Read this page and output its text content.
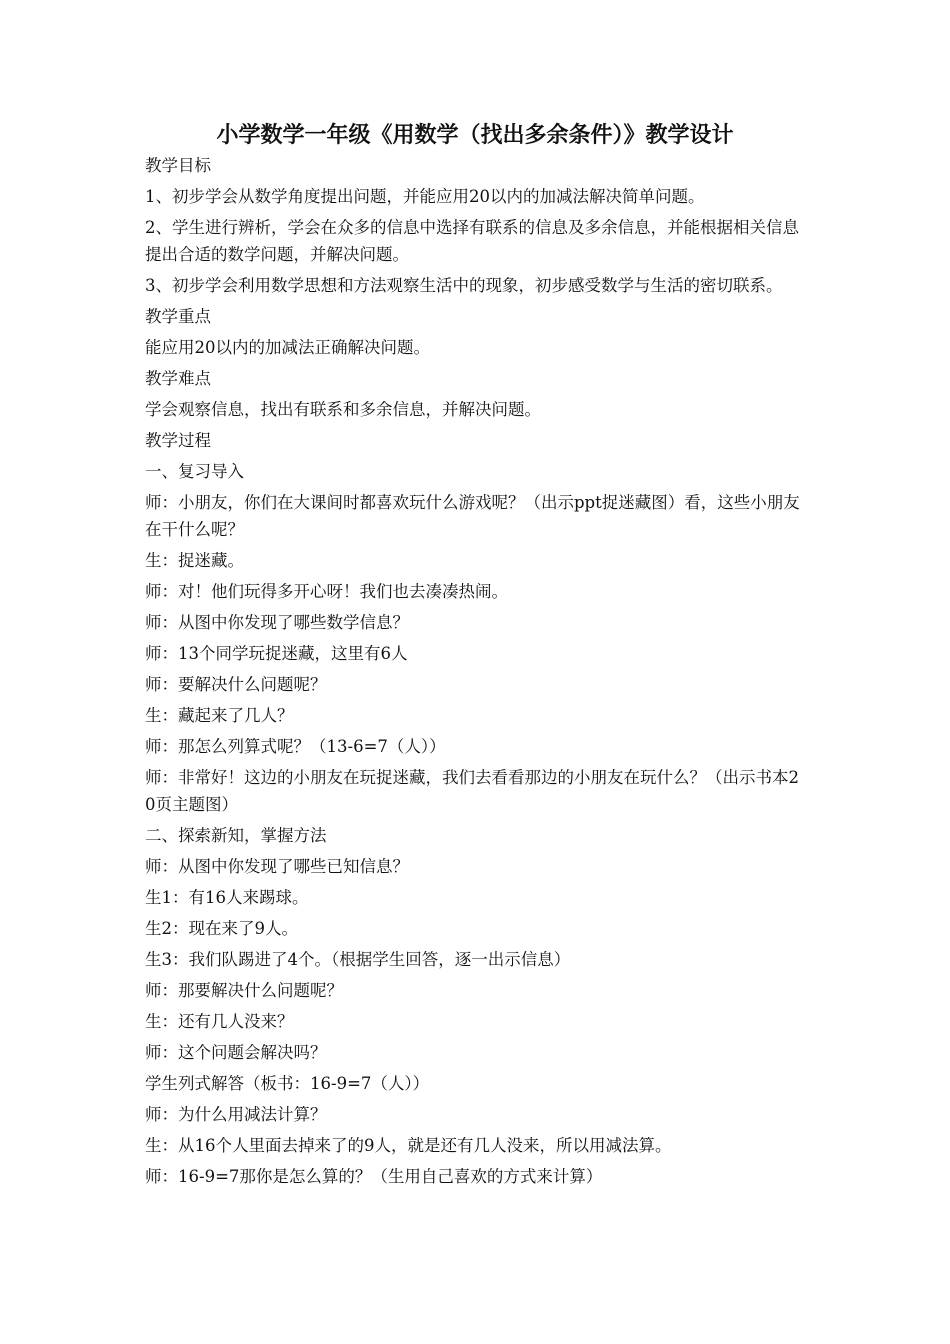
小学数学一年级《用数学（找出多余条件）》教学设计

教学目标

1、初步学会从数学角度提出问题，并能应用20以内的加减法解决简单问题。

2、学生进行辨析，学会在众多的信息中选择有联系的信息及多余信息，并能根据相关信息提出合适的数学问题，并解决问题。

3、初步学会利用数学思想和方法观察生活中的现象，初步感受数学与生活的密切联系。

教学重点

能应用20以内的加减法正确解决问题。

教学难点

学会观察信息，找出有联系和多余信息，并解决问题。

教学过程

一、复习导入

师：小朋友，你们在大课间时都喜欢玩什么游戏呢？（出示ppt捉迷藏图）看，这些小朋友在干什么呢？

生：捉迷藏。

师：对！他们玩得多开心呀！我们也去凑凑热闹。

师：从图中你发现了哪些数学信息？

师：13个同学玩捉迷藏，这里有6人

师：要解决什么问题呢？

生：藏起来了几人？

师：那怎么列算式呢？（13-6=7（人））

师：非常好！这边的小朋友在玩捉迷藏，我们去看看那边的小朋友在玩什么？（出示书本20页主题图）

二、探索新知，掌握方法

师：从图中你发现了哪些已知信息？

生1：有16人来踢球。

生2：现在来了9人。

生3：我们队踢进了4个。（根据学生回答，逐一出示信息）

师：那要解决什么问题呢？

生：还有几人没来？

师：这个问题会解决吗？

学生列式解答（板书：16-9=7（人））

师：为什么用减法计算？

生：从16个人里面去掉来了的9人，就是还有几人没来，所以用减法算。

师：16-9=7那你是怎么算的？（生用自己喜欢的方式来计算）
